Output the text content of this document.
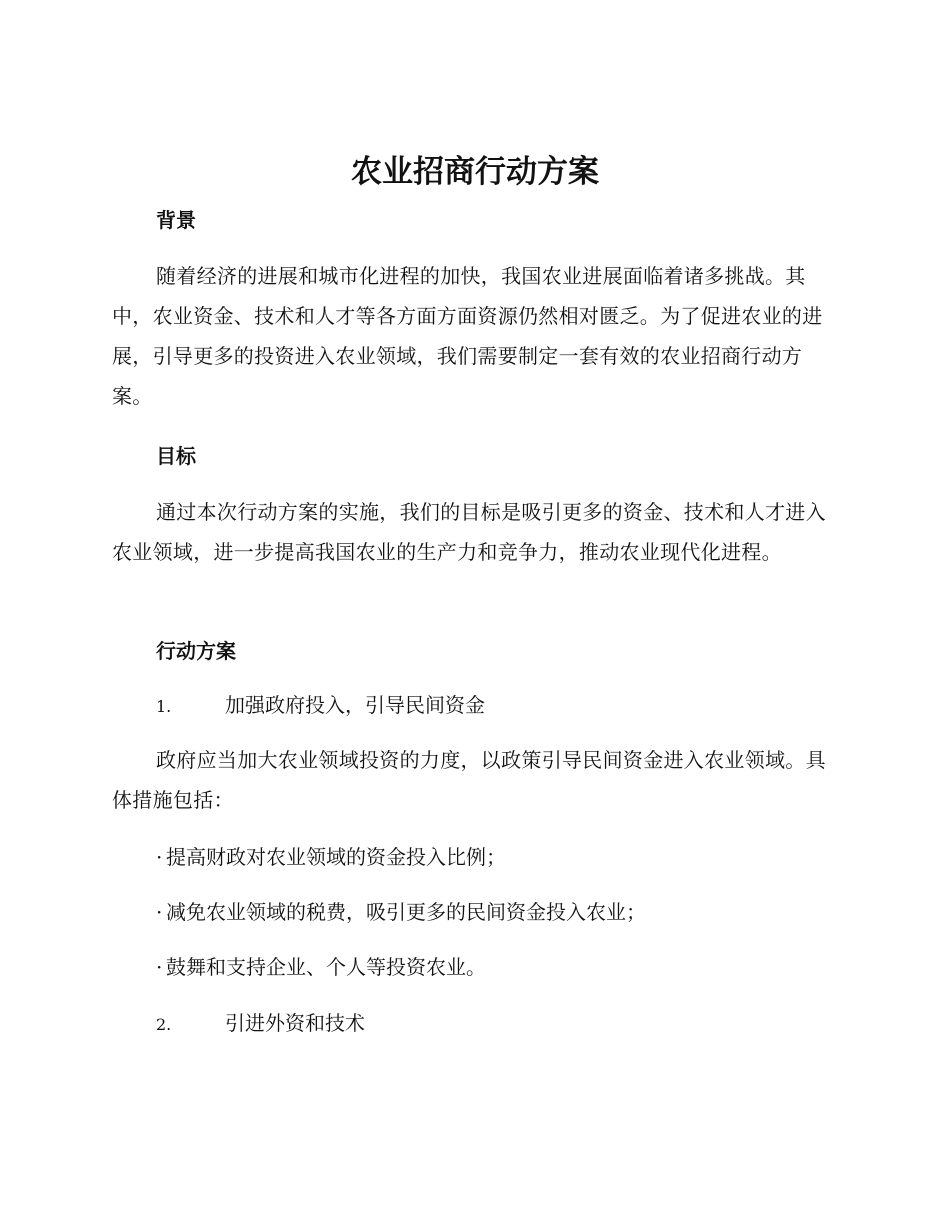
农业招商行动方案
背景

随着经济的进展和城市化进程的加快，我国农业进展面临着诸多挑战。其中，农业资金、技术和人才等各方面方面资源仍然相对匮乏。为了促进农业的进展，引导更多的投资进入农业领域，我们需要制定一套有效的农业招商行动方案。

目标

通过本次行动方案的实施，我们的目标是吸引更多的资金、技术和人才进入农业领域，进一步提高我国农业的生产力和竞争力，推动农业现代化进程。

行动方案
1.	加强政府投入，引导民间资金

政府应当加大农业领域投资的力度，以政策引导民间资金进入农业领域。具体措施包括：

· 提高财政对农业领域的资金投入比例；
· 减免农业领域的税费，吸引更多的民间资金投入农业；
· 鼓舞和支持企业、个人等投资农业。
2.	引进外资和技术
